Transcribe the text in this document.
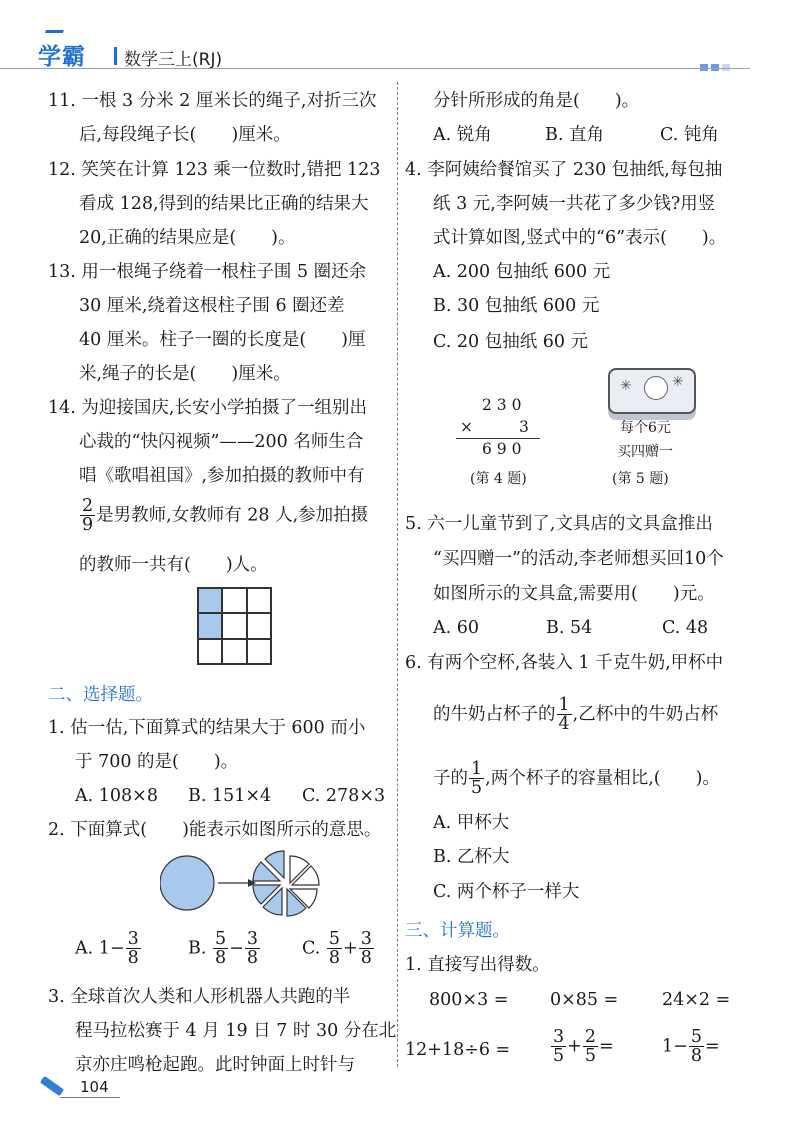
学霸 数学三上(RJ)
11. 一根 3 分米 2 厘米长的绳子,对折三次
后,每段绳子长(　　)厘米。
12. 笑笑在计算 123 乘一位数时,错把 123
看成 128,得到的结果比正确的结果大
20,正确的结果应是(　　)。
13. 用一根绳子绕着一根柱子围 5 圈还余
30 厘米,绕着这根柱子围 6 圈还差
40 厘米。柱子一圈的长度是(　　)厘
米,绳子的长是(　　)厘米。
14. 为迎接国庆,长安小学拍摄了一组别出
心裁的“快闪视频”——200 名师生合
唱《歌唱祖国》,参加拍摄的教师中有
$\frac{2}{9}$ 是男教师,女教师有 28 人,参加拍摄
的教师一共有(　　)人。
二、选择题。
1. 估一估,下面算式的结果大于 600 而小
于 700 的是(　　)。
A. 108×8 B. 151×4 C. 278×3
2. 下面算式(　　)能表示如图所示的意思。
A. $1- \frac{3}{8}$	B. $\frac{5}{8} - \frac{3}{8} C$. $\frac{5}{8} + \frac{3}{8}$
3. 全球首次人类和人形机器人共跑的半
程马拉松赛于 4 月 19 日 7 时 30 分在北
京亦庄鸣枪起跑。此时钟面上时针与
分针所形成的角是(　　)。
A. 锐角	B. 直角	C. 钝角
4. 李阿姨给餐馆买了 230 包抽纸,每包抽
纸 3 元,李阿姨一共花了多少钱?用竖
式计算如图,竖式中的“6”表示(　　)。
A. 200 包抽纸 600 元
B. 30 包抽纸 600 元
C. 20 包抽纸 60 元
2 3 0
×	3
6 9 0
(第 4 题)
✳	✳
每个6元
买四赠一
(第 5 题)
5. 六一儿童节到了,文具店的文具盒推出
“买四赠一”的活动,李老师想买回10个
如图所示的文具盒,需要用(　　)元。
A. 60	B. 54	C. 48
6. 有两个空杯,各装入 1 千克牛奶,甲杯中
的牛奶占杯子的 $\frac{1}{4}$ ,乙杯中的牛奶占杯
子的 $\frac{1}{5}$ ,两个杯子的容量相比,(　　)。
A. 甲杯大
B. 乙杯大
C. 两个杯子一样大
三、计算题。
1. 直接写出得数。
800×3 = 0×85 = 24×2 =
$12+18\div 6 = \frac{3}{5} + \frac{2}{5}$ =	$1- \frac{5}{8}$ =
104
